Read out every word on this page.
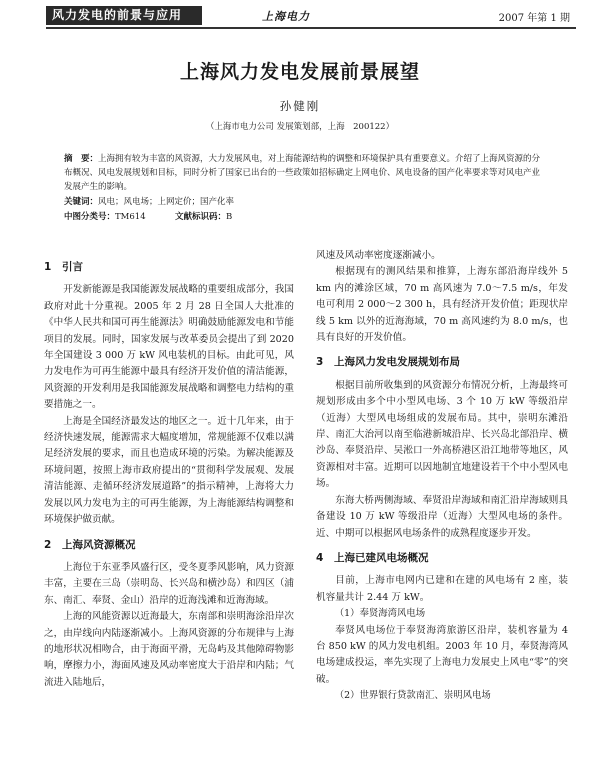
风力发电的前景与应用	上海电力	2007 年第 1 期
上海风力发电发展前景展望
孙健刚
（上海市电力公司 发展策划部，上海　200122）

摘　要：上海拥有较为丰富的风资源，大力发展风电，对上海能源结构的调整和环境保护具有重要意义。介绍了上海风资源的分布概况、风电发展规划和目标，同时分析了国家已出台的一些政策如招标确定上网电价、风电设备的国产化率要求等对风电产业发展产生的影响。

关键词：风电；风电场；上网定价；国产化率

中图分类号：TM614	文献标识码：B

1 引言

开发新能源是我国能源发展战略的重要组成部分，我国政府对此十分重视。2005 年 2 月 28 日全国人大批准的《中华人民共和国可再生能源法》明确鼓励能源发电和节能项目的发展。同时，国家发展与改革委员会提出了到 2020 年全国建设 3 000 万 kW 风电装机的目标。由此可见，风力发电作为可再生能源中最具有经济开发价值的清洁能源，风资源的开发利用是我国能源发展战略和调整电力结构的重要措施之一。

上海是全国经济最发达的地区之一。近十几年来，由于经济快速发展，能源需求大幅度增加，常规能源不仅难以满足经济发展的要求，而且也造成环境的污染。为解决能源及环境问题，按照上海市政府提出的“贯彻科学发展观、发展清洁能源、走循环经济发展道路”的指示精神，上海将大力发展以风力发电为主的可再生能源，为上海能源结构调整和环境保护做贡献。

2 上海风资源概况

上海位于东亚季风盛行区，受冬夏季风影响，风力资源丰富，主要在三岛（崇明岛、长兴岛和横沙岛）和四区（浦东、南汇、奉贤、金山）沿岸的近海浅滩和近海海域。

上海的风能资源以近海最大，东南部和崇明海涂沿岸次之，由岸线向内陆逐渐减小。上海风资源的分布规律与上海的地形状况相吻合，由于海面平滑，无岛屿及其他障碍物影响，摩擦力小，海面风速及风动率密度大于沿岸和内陆；气流进入陆地后，

风速及风动率密度逐渐减小。

根据现有的测风结果和推算，上海东部沿海岸线外 5 km 内的滩涂区域，70 m 高风速为 7.0～7.5 m/s，年发电可利用 2 000～2 300 h，具有经济开发价值；距现状岸线 5 km 以外的近海海域，70 m 高风速约为 8.0 m/s，也具有良好的开发价值。

3 上海风力发电发展规划布局

根据目前所收集到的风资源分布情况分析，上海最终可规划形成由多个中小型风电场、3 个 10 万 kW 等级沿岸（近海）大型风电场组成的发展布局。其中，崇明东滩沿岸、南汇大治河以南至临港新城沿岸、长兴岛北部沿岸、横沙岛、奉贤沿岸、吴淞口一外高桥港区沿江地带等地区，风资源相对丰富。近期可以因地制宜地建设若干个中小型风电场。

东海大桥两侧海域、奉贤沿岸海域和南汇沿岸海域则具备建设 10 万 kW 等级沿岸（近海）大型风电场的条件。近、中期可以根据风电场条件的成熟程度逐步开发。

4 上海已建风电场概况

目前，上海市电网内已建和在建的风电场有 2 座，装机容量共计 2.44 万 kW。

（1）奉贤海湾风电场

奉贤风电场位于奉贤海湾旅游区沿岸，装机容量为 4 台 850 kW 的风力发电机组。2003 年 10 月，奉贤海湾风电场建成投运，率先实现了上海电力发展史上风电“零”的突破。

（2）世界银行贷款南汇、崇明风电场
